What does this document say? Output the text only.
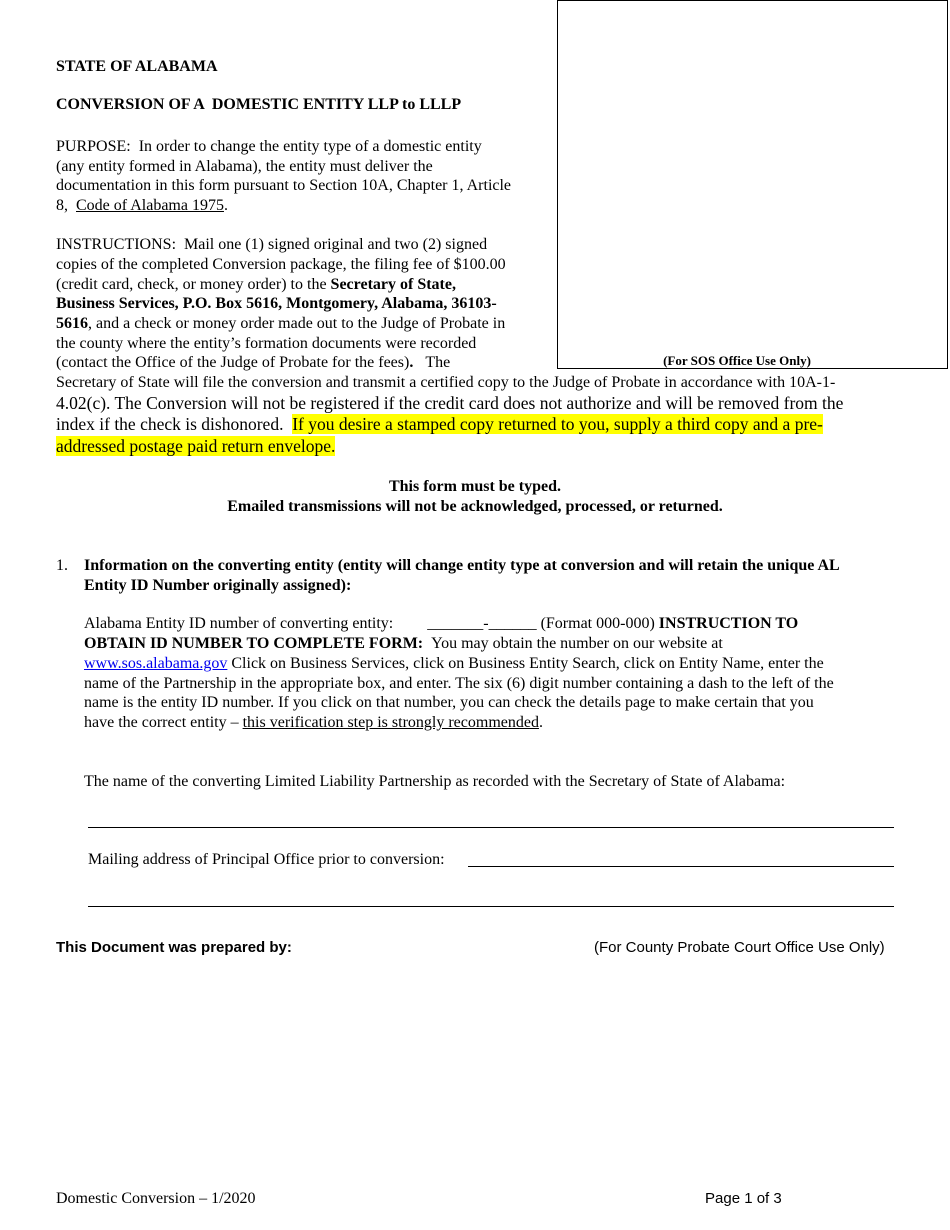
(For SOS Office Use Only)
STATE OF ALABAMA
CONVERSION OF A  DOMESTIC ENTITY LLP to LLLP
PURPOSE: In order to change the entity type of a domestic entity
(any entity formed in Alabama), the entity must deliver the
documentation in this form pursuant to Section 10A, Chapter 1, Article
8, Code of Alabama 1975.
INSTRUCTIONS: Mail one (1) signed original and two (2) signed
copies of the completed Conversion package, the filing fee of $100.00
(credit card, check, or money order) to the Secretary of State,
Business Services, P.O. Box 5616, Montgomery, Alabama, 36103-
5616, and a check or money order made out to the Judge of Probate in
the county where the entity’s formation documents were recorded
(contact the Office of the Judge of Probate for the fees). The
Secretary of State will file the conversion and transmit a certified copy to the Judge of Probate in accordance with 10A-1-
4.02(c). The Conversion will not be registered if the credit card does not authorize and will be removed from the
index if the check is dishonored. If you desire a stamped copy returned to you, supply a third copy and a pre-
addressed postage paid return envelope.
This form must be typed.
Emailed transmissions will not be acknowledged, processed, or returned.
1. Information on the converting entity (entity will change entity type at conversion and will retain the unique AL
Entity ID Number originally assigned):
Alabama Entity ID number of converting entity: _______-______ (Format 000-000) INSTRUCTION TO
OBTAIN ID NUMBER TO COMPLETE FORM: You may obtain the number on our website at
www.sos.alabama.gov Click on Business Services, click on Business Entity Search, click on Entity Name, enter the
name of the Partnership in the appropriate box, and enter. The six (6) digit number containing a dash to the left of the
name is the entity ID number. If you click on that number, you can check the details page to make certain that you
have the correct entity – this verification step is strongly recommended.
The name of the converting Limited Liability Partnership as recorded with the Secretary of State of Alabama:
Mailing address of Principal Office prior to conversion:
This Document was prepared by:	(For County Probate Court Office Use Only)
Domestic Conversion – 1/2020	Page 1 of 3
